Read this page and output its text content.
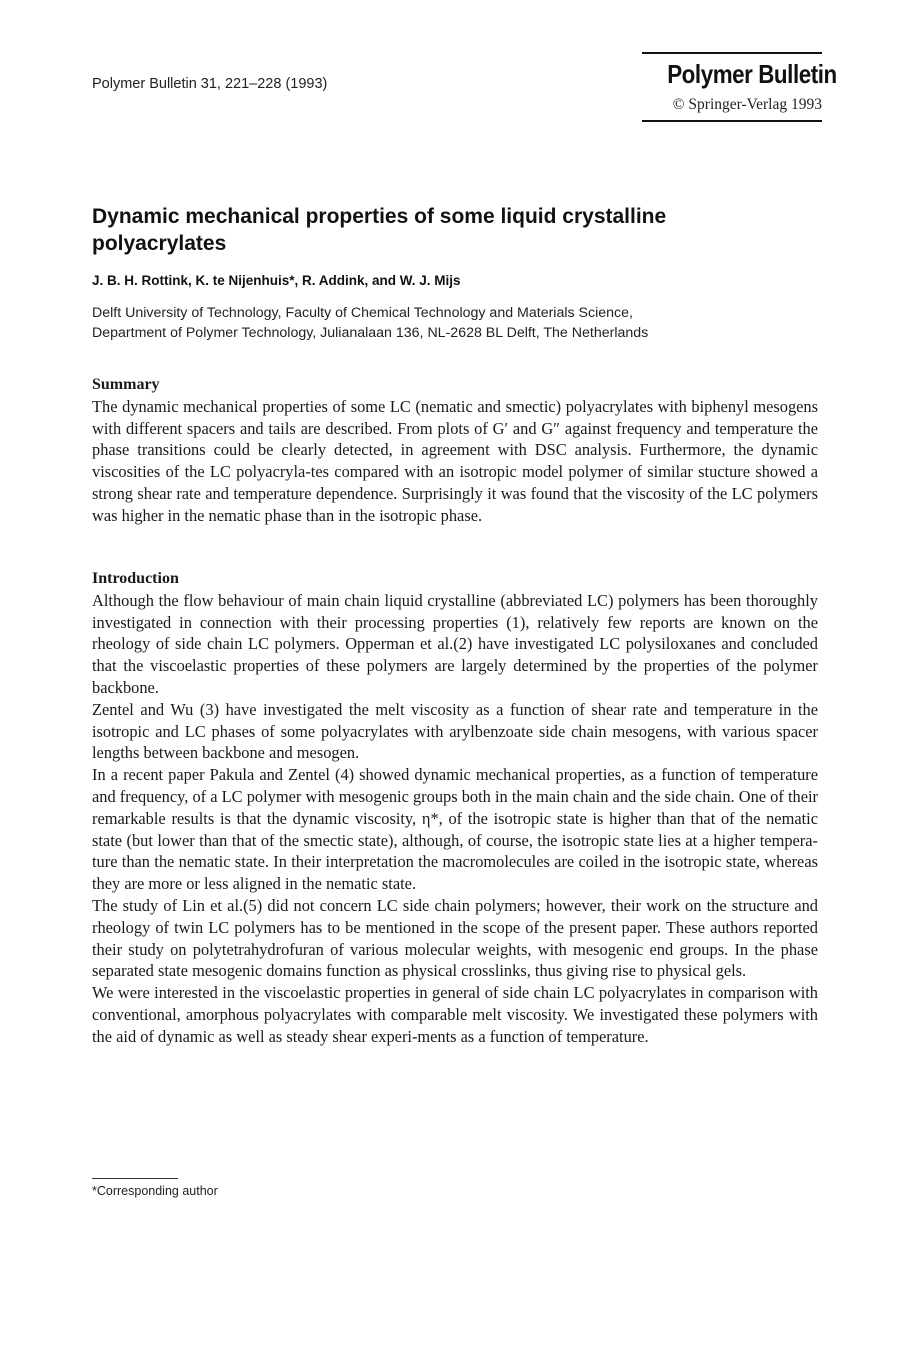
Polymer Bulletin 31, 221–228 (1993)	Polymer Bulletin
© Springer-Verlag 1993
Dynamic mechanical properties of some liquid crystalline polyacrylates
J. B. H. Rottink, K. te Nijenhuis*, R. Addink, and W. J. Mijs
Delft University of Technology, Faculty of Chemical Technology and Materials Science,
Department of Polymer Technology, Julianalaan 136, NL-2628 BL Delft, The Netherlands
Summary
The dynamic mechanical properties of some LC (nematic and smectic) polyacrylates with biphenyl mesogens with different spacers and tails are described. From plots of G′ and G″ against frequency and temperature the phase transitions could be clearly detected, in agreement with DSC analysis. Furthermore, the dynamic viscosities of the LC polyacryla-tes compared with an isotropic model polymer of similar stucture showed a strong shear rate and temperature dependence. Surprisingly it was found that the viscosity of the LC polymers was higher in the nematic phase than in the isotropic phase.
Introduction
Although the flow behaviour of main chain liquid crystalline (abbreviated LC) polymers has been thoroughly investigated in connection with their processing properties (1), relatively few reports are known on the rheology of side chain LC polymers. Opperman et al.(2) have investigated LC polysiloxanes and concluded that the viscoelastic properties of these polymers are largely determined by the properties of the polymer backbone.
Zentel and Wu (3) have investigated the melt viscosity as a function of shear rate and temperature in the isotropic and LC phases of some polyacrylates with arylbenzoate side chain mesogens, with various spacer lengths between backbone and mesogen.
In a recent paper Pakula and Zentel (4) showed dynamic mechanical properties, as a function of temperature and frequency, of a LC polymer with mesogenic groups both in the main chain and the side chain. One of their remarkable results is that the dynamic viscosity, η*, of the isotropic state is higher than that of the nematic state (but lower than that of the smectic state), although, of course, the isotropic state lies at a higher tempera-ture than the nematic state. In their interpretation the macromolecules are coiled in the isotropic state, whereas they are more or less aligned in the nematic state.
The study of Lin et al.(5) did not concern LC side chain polymers; however, their work on the structure and rheology of twin LC polymers has to be mentioned in the scope of the present paper. These authors reported their study on polytetrahydrofuran of various molecular weights, with mesogenic end groups. In the phase separated state mesogenic domains function as physical crosslinks, thus giving rise to physical gels.
We were interested in the viscoelastic properties in general of side chain LC polyacrylates in comparison with conventional, amorphous polyacrylates with comparable melt viscosity. We investigated these polymers with the aid of dynamic as well as steady shear experi-ments as a function of temperature.
*Corresponding author
